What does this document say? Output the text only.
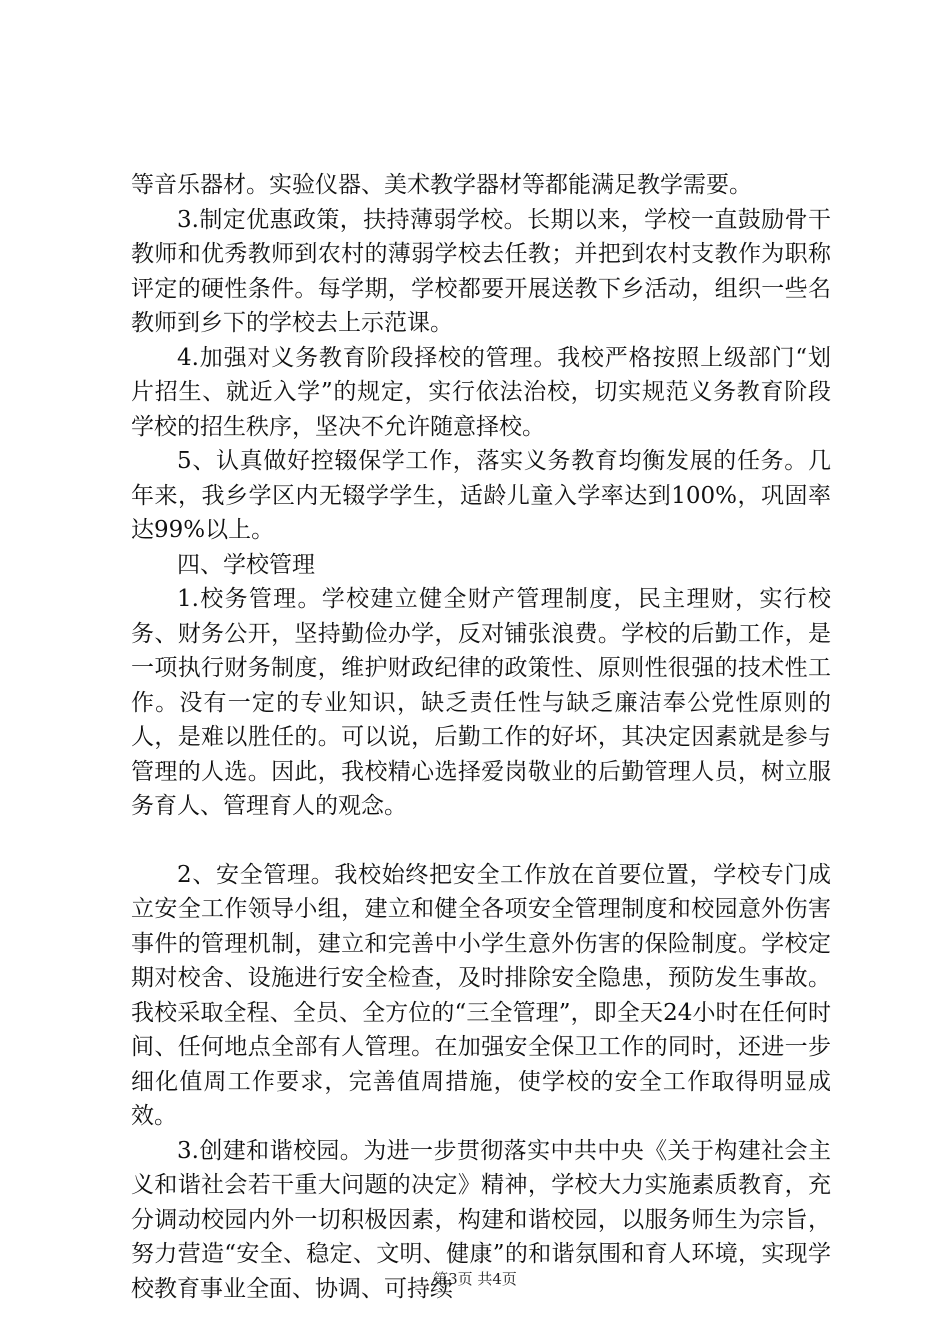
等音乐器材。实验仪器、美术教学器材等都能满足教学需要。

3.制定优惠政策，扶持薄弱学校。长期以来，学校一直鼓励骨干教师和优秀教师到农村的薄弱学校去任教；并把到农村支教作为职称评定的硬性条件。每学期，学校都要开展送教下乡活动，组织一些名教师到乡下的学校去上示范课。

4.加强对义务教育阶段择校的管理。我校严格按照上级部门“划片招生、就近入学”的规定，实行依法治校，切实规范义务教育阶段学校的招生秩序，坚决不允许随意择校。

5、认真做好控辍保学工作，落实义务教育均衡发展的任务。几年来，我乡学区内无辍学学生，适龄儿童入学率达到100%，巩固率达99%以上。

四、学校管理

1.校务管理。学校建立健全财产管理制度，民主理财，实行校务、财务公开，坚持勤俭办学，反对铺张浪费。学校的后勤工作，是一项执行财务制度，维护财政纪律的政策性、原则性很强的技术性工作。没有一定的专业知识，缺乏责任性与缺乏廉洁奉公党性原则的人，是难以胜任的。可以说，后勤工作的好坏，其决定因素就是参与管理的人选。因此，我校精心选择爱岗敬业的后勤管理人员，树立服务育人、管理育人的观念。

2、安全管理。我校始终把安全工作放在首要位置，学校专门成立安全工作领导小组，建立和健全各项安全管理制度和校园意外伤害事件的管理机制，建立和完善中小学生意外伤害的保险制度。学校定期对校舍、设施进行安全检查，及时排除安全隐患，预防发生事故。我校采取全程、全员、全方位的“三全管理”，即全天24小时在任何时间、任何地点全部有人管理。在加强安全保卫工作的同时，还进一步细化值周工作要求，完善值周措施，使学校的安全工作取得明显成效。

3.创建和谐校园。为进一步贯彻落实中共中央《关于构建社会主义和谐社会若干重大问题的决定》精神，学校大力实施素质教育，充分调动校园内外一切积极因素，构建和谐校园，以服务师生为宗旨，努力营造“安全、稳定、文明、健康”的和谐氛围和育人环境，实现学校教育事业全面、协调、可持续

第3页 共4页
